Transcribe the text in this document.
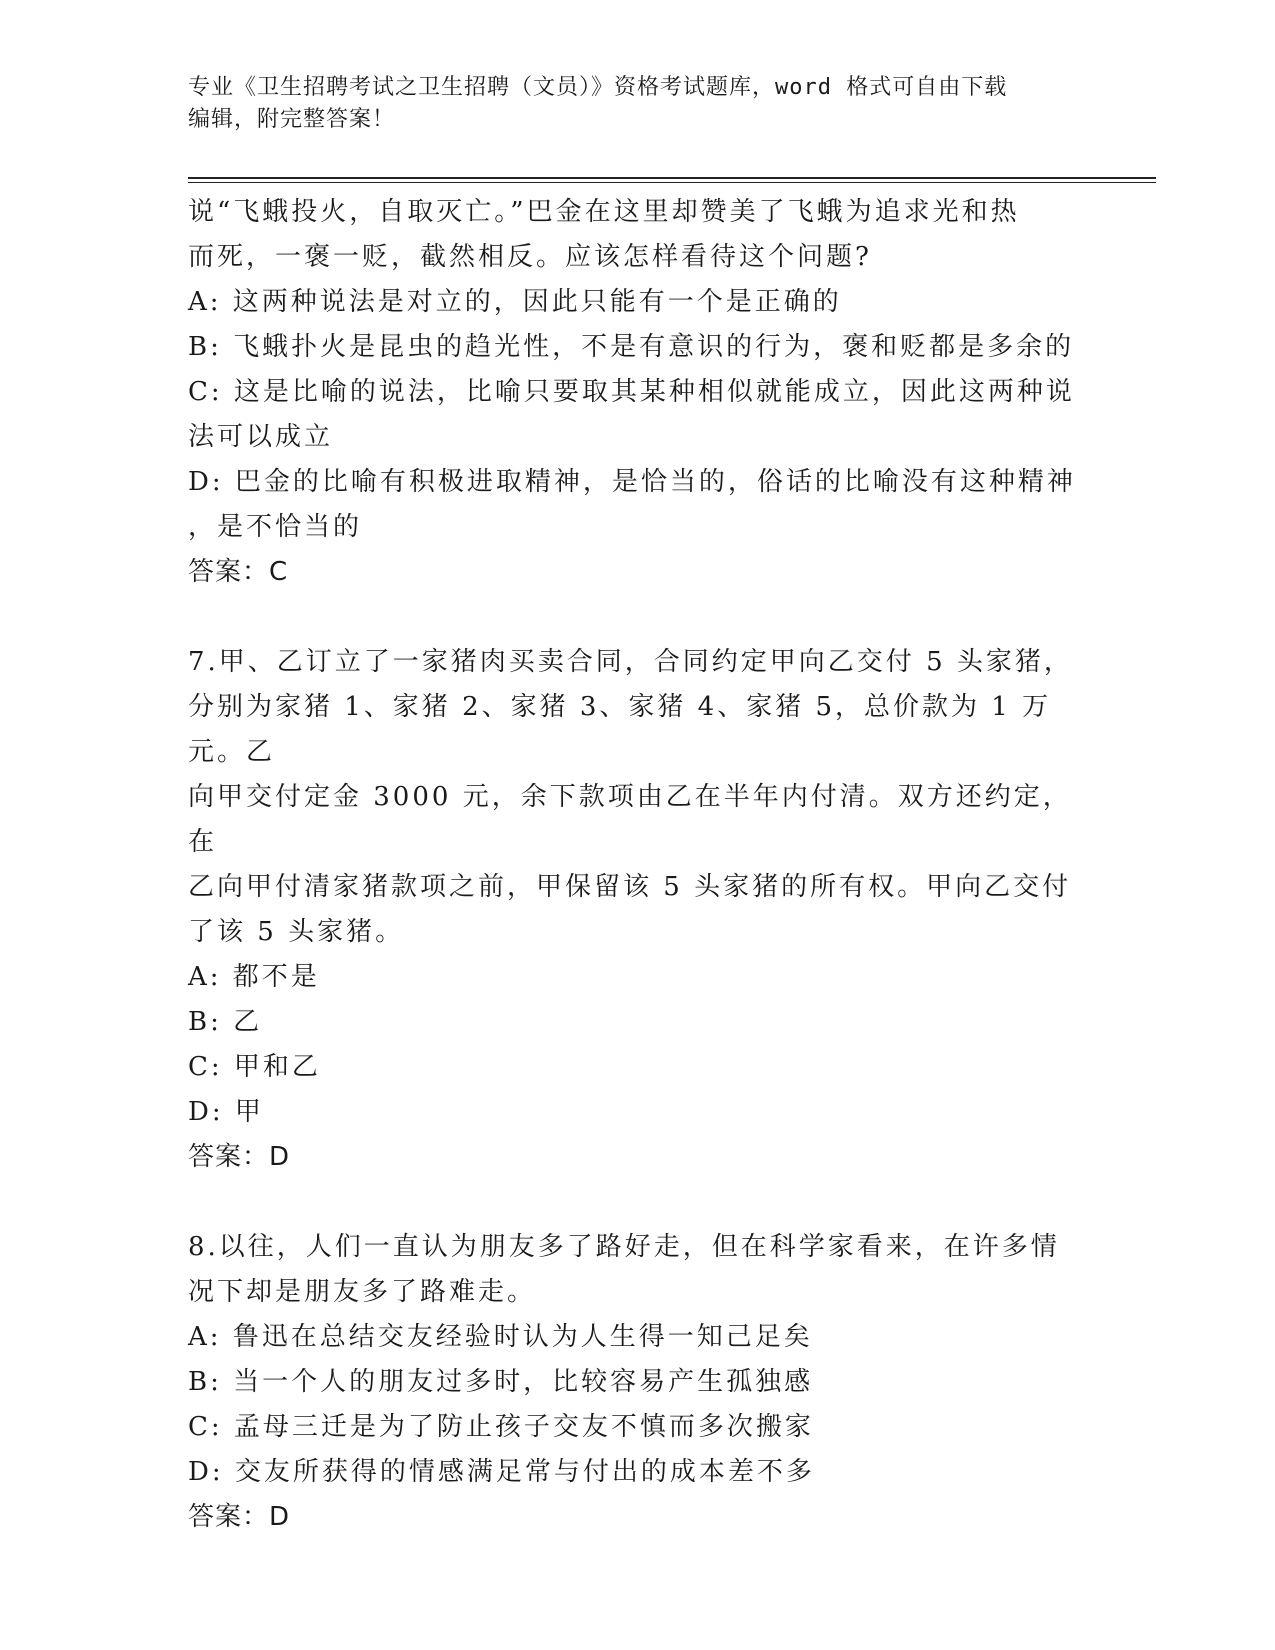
专业《卫生招聘考试之卫生招聘（文员）》资格考试题库，word 格式可自由下载
编辑，附完整答案！

说“飞蛾投火，自取灭亡。”巴金在这里却赞美了飞蛾为追求光和热

而死，一褒一贬，截然相反。应该怎样看待这个问题?

A: 这两种说法是对立的，因此只能有一个是正确的

B: 飞蛾扑火是昆虫的趋光性，不是有意识的行为，褒和贬都是多余的

C: 这是比喻的说法，比喻只要取其某种相似就能成立，因此这两种说

法可以成立

D: 巴金的比喻有积极进取精神，是恰当的，俗话的比喻没有这种精神

，是不恰当的

答案：C

7.甲、乙订立了一家猪肉买卖合同，合同约定甲向乙交付 5 头家猪，

分别为家猪 1、家猪 2、家猪 3、家猪 4、家猪 5，总价款为 1 万元。乙

向甲交付定金 3000 元，余下款项由乙在半年内付清。双方还约定，在

乙向甲付清家猪款项之前，甲保留该 5 头家猪的所有权。甲向乙交付

了该 5 头家猪。

A: 都不是

B: 乙

C: 甲和乙

D: 甲

答案：D

8.以往，人们一直认为朋友多了路好走，但在科学家看来，在许多情

况下却是朋友多了路难走。

A: 鲁迅在总结交友经验时认为人生得一知己足矣

B: 当一个人的朋友过多时，比较容易产生孤独感

C: 孟母三迁是为了防止孩子交友不慎而多次搬家

D: 交友所获得的情感满足常与付出的成本差不多

答案：D
